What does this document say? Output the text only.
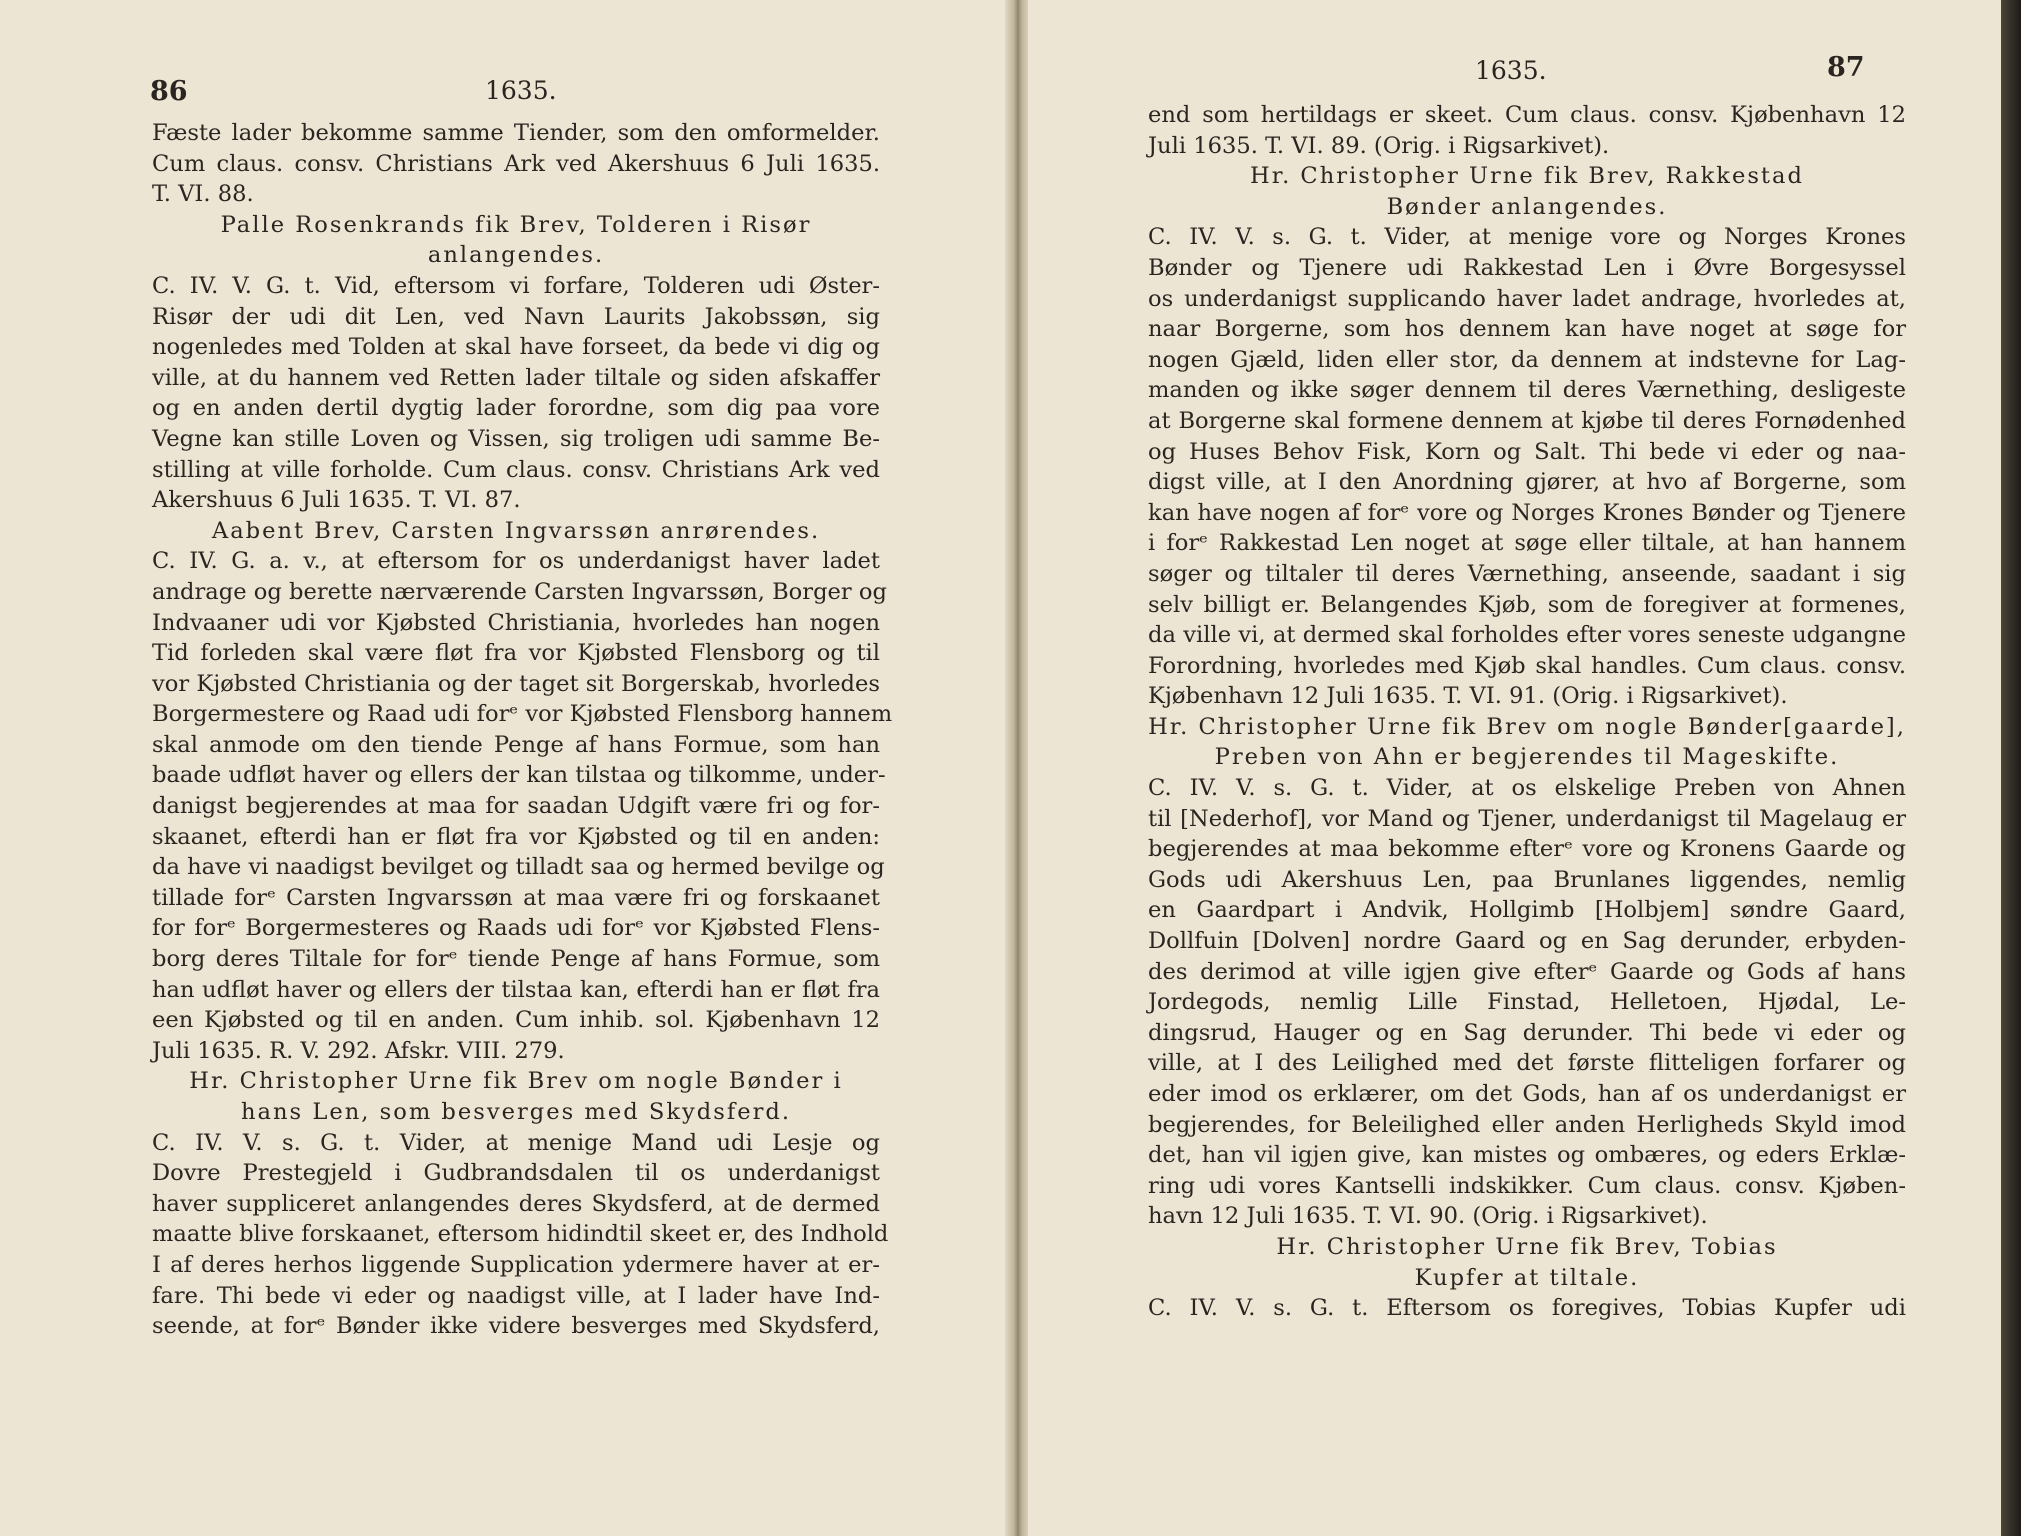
86	1635.
Fæste lader bekomme samme Tiender, som den omformelder.
Cum claus. consv. Christians Ark ved Akershuus 6 Juli 1635.
T. VI. 88.
Palle Rosenkrands fik Brev, Tolderen i Risør
anlangendes.
C. IV. V. G. t. Vid, eftersom vi forfare, Tolderen udi Øster-
Risør der udi dit Len, ved Navn Laurits Jakobssøn, sig
nogenledes med Tolden at skal have forseet, da bede vi dig og
ville, at du hannem ved Retten lader tiltale og siden afskaffer
og en anden dertil dygtig lader forordne, som dig paa vore
Vegne kan stille Loven og Vissen, sig troligen udi samme Be-
stilling at ville forholde. Cum claus. consv. Christians Ark ved
Akershuus 6 Juli 1635. T. VI. 87.
Aabent Brev, Carsten Ingvarssøn anrørendes.
C. IV. G. a. v., at eftersom for os underdanigst haver ladet
andrage og berette nærværende Carsten Ingvarssøn, Borger og
Indvaaner udi vor Kjøbsted Christiania, hvorledes han nogen
Tid forleden skal være fløt fra vor Kjøbsted Flensborg og til
vor Kjøbsted Christiania og der taget sit Borgerskab, hvorledes
Borgermestere og Raad udi forᵉ vor Kjøbsted Flensborg hannem
skal anmode om den tiende Penge af hans Formue, som han
baade udfløt haver og ellers der kan tilstaa og tilkomme, under-
danigst begjerendes at maa for saadan Udgift være fri og for-
skaanet, efterdi han er fløt fra vor Kjøbsted og til en anden:
da have vi naadigst bevilget og tilladt saa og hermed bevilge og
tillade forᵉ Carsten Ingvarssøn at maa være fri og forskaanet
for forᵉ Borgermesteres og Raads udi forᵉ vor Kjøbsted Flens-
borg deres Tiltale for forᵉ tiende Penge af hans Formue, som
han udfløt haver og ellers der tilstaa kan, efterdi han er fløt fra
een Kjøbsted og til en anden. Cum inhib. sol. Kjøbenhavn 12
Juli 1635. R. V. 292. Afskr. VIII. 279.
Hr. Christopher Urne fik Brev om nogle Bønder i
hans Len, som besverges med Skydsferd.
C. IV. V. s. G. t. Vider, at menige Mand udi Lesje og
Dovre Prestegjeld i Gudbrandsdalen til os underdanigst
haver suppliceret anlangendes deres Skydsferd, at de dermed
maatte blive forskaanet, eftersom hidindtil skeet er, des Indhold
I af deres herhos liggende Supplication ydermere haver at er-
fare. Thi bede vi eder og naadigst ville, at I lader have Ind-
seende, at forᵉ Bønder ikke videre besverges med Skydsferd,
1635.	87
end som hertildags er skeet. Cum claus. consv. Kjøbenhavn 12
Juli 1635. T. VI. 89. (Orig. i Rigsarkivet).
Hr. Christopher Urne fik Brev, Rakkestad
Bønder anlangendes.
C. IV. V. s. G. t. Vider, at menige vore og Norges Krones
Bønder og Tjenere udi Rakkestad Len i Øvre Borgesyssel
os underdanigst supplicando haver ladet andrage, hvorledes at,
naar Borgerne, som hos dennem kan have noget at søge for
nogen Gjæld, liden eller stor, da dennem at indstevne for Lag-
manden og ikke søger dennem til deres Værnething, desligeste
at Borgerne skal formene dennem at kjøbe til deres Fornødenhed
og Huses Behov Fisk, Korn og Salt. Thi bede vi eder og naa-
digst ville, at I den Anordning gjører, at hvo af Borgerne, som
kan have nogen af forᵉ vore og Norges Krones Bønder og Tjenere
i forᵉ Rakkestad Len noget at søge eller tiltale, at han hannem
søger og tiltaler til deres Værnething, anseende, saadant i sig
selv billigt er. Belangendes Kjøb, som de foregiver at formenes,
da ville vi, at dermed skal forholdes efter vores seneste udgangne
Forordning, hvorledes med Kjøb skal handles. Cum claus. consv.
Kjøbenhavn 12 Juli 1635. T. VI. 91. (Orig. i Rigsarkivet).
Hr. Christopher Urne fik Brev om nogle Bønder[gaarde],
Preben von Ahn er begjerendes til Mageskifte.
C. IV. V. s. G. t. Vider, at os elskelige Preben von Ahnen
til [Nederhof], vor Mand og Tjener, underdanigst til Magelaug er
begjerendes at maa bekomme efterᵉ vore og Kronens Gaarde og
Gods udi Akershuus Len, paa Brunlanes liggendes, nemlig
en Gaardpart i Andvik, Hollgimb [Holbjem] søndre Gaard,
Dollfuin [Dolven] nordre Gaard og en Sag derunder, erbyden-
des derimod at ville igjen give efterᵉ Gaarde og Gods af hans
Jordegods, nemlig Lille Finstad, Helletoen, Hjødal, Le-
dingsrud, Hauger og en Sag derunder. Thi bede vi eder og
ville, at I des Leilighed med det første flitteligen forfarer og
eder imod os erklærer, om det Gods, han af os underdanigst er
begjerendes, for Beleilighed eller anden Herligheds Skyld imod
det, han vil igjen give, kan mistes og ombæres, og eders Erklæ-
ring udi vores Kantselli indskikker. Cum claus. consv. Kjøben-
havn 12 Juli 1635. T. VI. 90. (Orig. i Rigsarkivet).
Hr. Christopher Urne fik Brev, Tobias
Kupfer at tiltale.
C. IV. V. s. G. t. Eftersom os foregives, Tobias Kupfer udi
